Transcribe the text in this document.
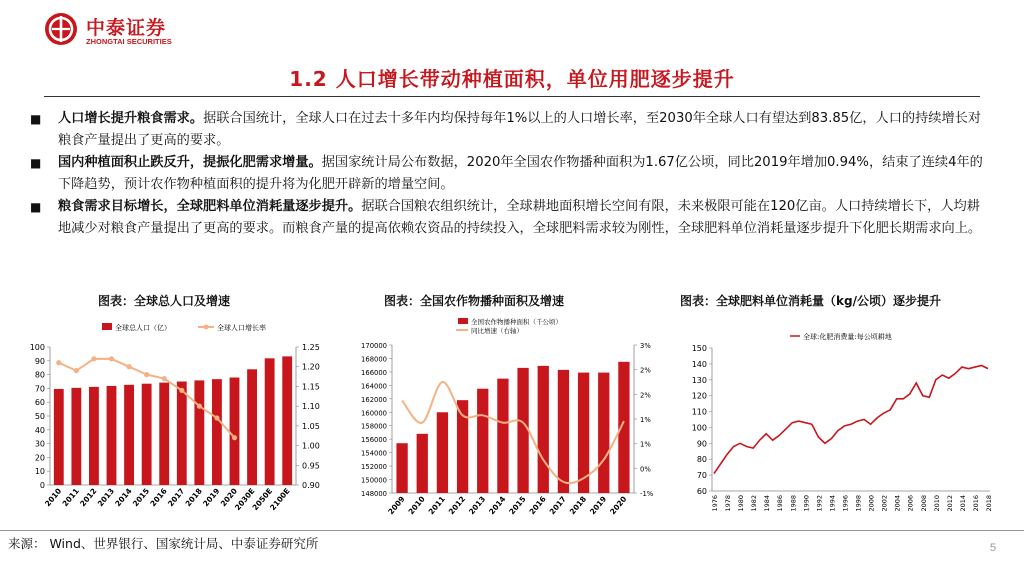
中泰证券
ZHONGTAI SECURITIES
1.2 人口增长带动种植面积，单位用肥逐步提升
■ 人口增长提升粮食需求。据联合国统计，全球人口在过去十多年内均保持每年1%以上的人口增长率，至2030年全球人口有望达到83.85亿，人口的持续增长对粮食产量提出了更高的要求。
■ 国内种植面积止跌反升，提振化肥需求增量。据国家统计局公布数据，2020年全国农作物播种面积为1.67亿公顷，同比2019年增加0.94%，结束了连续4年的下降趋势，预计农作物种植面积的提升将为化肥开辟新的增量空间。
■ 粮食需求目标增长，全球肥料单位消耗量逐步提升。据联合国粮农组织统计，全球耕地面积增长空间有限，未来极限可能在120亿亩。人口持续增长下，人均耕地减少对粮食产量提出了更高的要求。而粮食产量的提高依赖农资品的持续投入，全球肥料需求较为刚性，全球肥料单位消耗量逐步提升下化肥长期需求向上。
图表：全球总人口及增速	图表：全国农作物播种面积及增速	图表：全球肥料单位消耗量（kg/公顷）逐步提升
全球总人口（亿）	全球人口增长率
0
10
20
30
40
50
60
70
80
90
100
0.90
0.95
1.00
1.05
1.10
1.15
1.20
1.25
2010
2011
2012
2013
2014
2015
2016
2017
2018
2019
2020
2030E
2050E
2100E
全国农作物播种面积（千公顷）
同比增速（右轴）
148000
150000
152000
154000
156000
158000
160000
162000
164000
166000
168000
170000
-1%
0%
1%
1%
2%
2%
3%
2009 2010 2011 2012 2013 2014 2015 2016 2017 2018 2019 2020
全球:化肥消费量:每公顷耕地
60
70
80
90
100
110
120
130
140
150
1976 1978 1980 1982 1984 1986 1988 1990 1992 1994 1996 1998 2000 2002 2004 2006 2008 2010 2012 2014 2016 2018
来源： Wind、世界银行、国家统计局、中泰证券研究所	5
